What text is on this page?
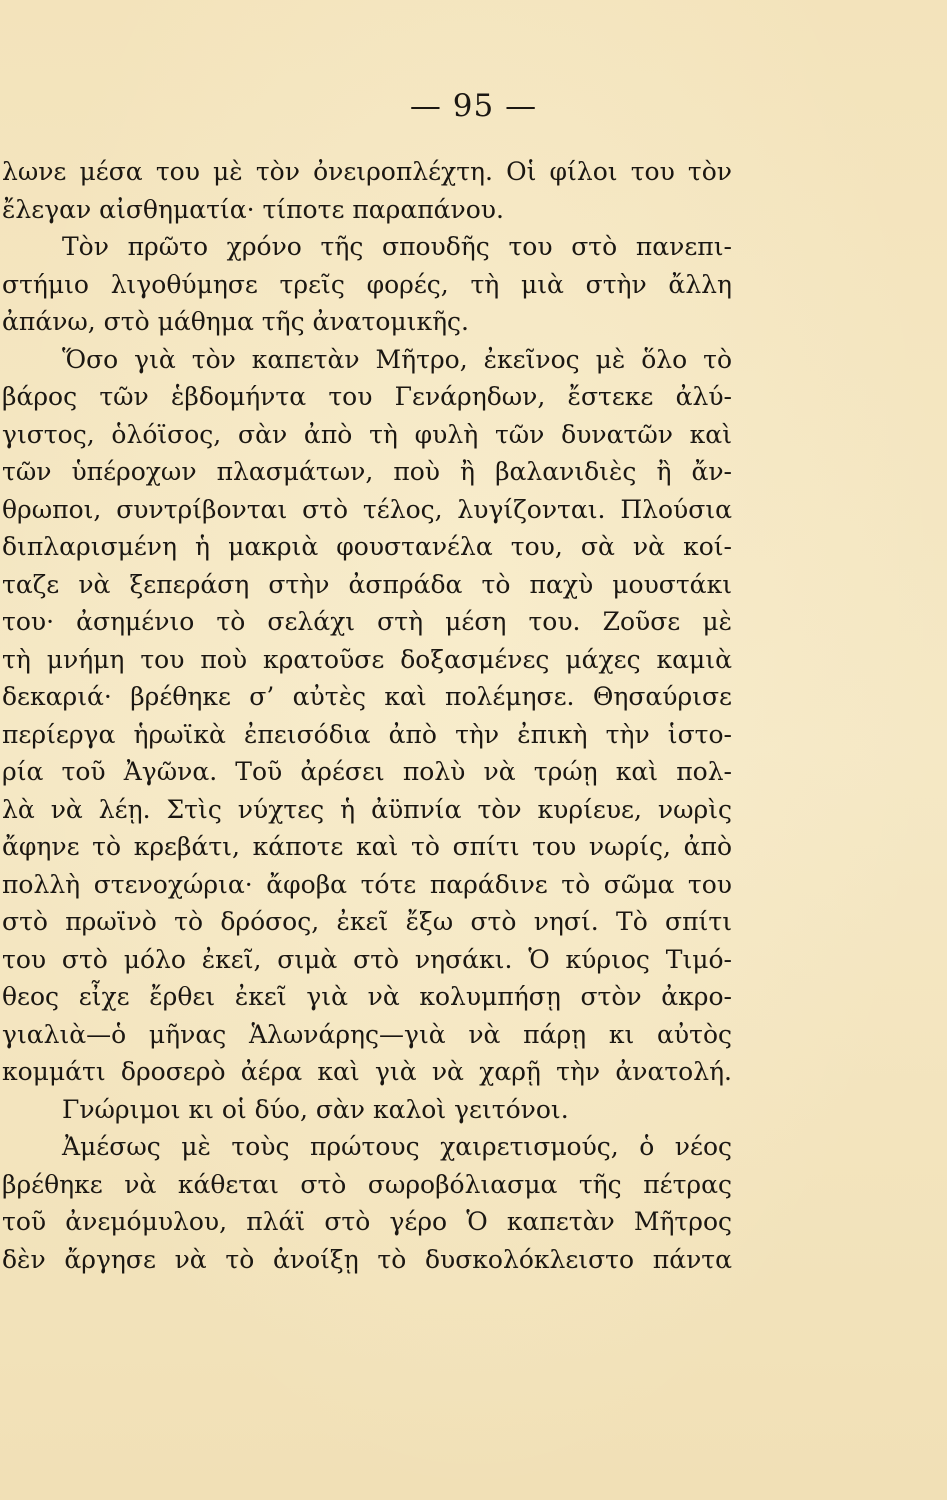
— 95 —
λωνε μέσα του μὲ τὸν ὀνειροπλέχτη. Οἱ φίλοι του τὸν
ἔλεγαν αἰσθηματία· τίποτε παραπάνου.
Τὸν πρῶτο χρόνο τῆς σπουδῆς του στὸ πανεπι-
στήμιο λιγοθύμησε τρεῖς φορές, τὴ μιὰ στὴν ἄλλη
ἀπάνω, στὸ μάθημα τῆς ἀνατομικῆς.
Ὅσο γιὰ τὸν καπετὰν Μῆτρο, ἐκεῖνος μὲ ὅλο τὸ
βάρος τῶν ἑβδομήντα του Γενάρηδων, ἔστεκε ἀλύ-
γιστος, ὁλόϊσος, σὰν ἀπὸ τὴ φυλὴ τῶν δυνατῶν καὶ
τῶν ὑπέροχων πλασμάτων, ποὺ ἢ βαλανιδιὲς ἢ ἄν-
θρωποι, συντρίβονται στὸ τέλος, λυγίζονται. Πλούσια
διπλαρισμένη ἡ μακριὰ φουστανέλα του, σὰ νὰ κοί-
ταζε νὰ ξεπεράση στὴν ἀσπράδα τὸ παχὺ μουστάκι
του· ἀσημένιο τὸ σελάχι στὴ μέση του. Ζοῦσε μὲ
τὴ μνήμη του ποὺ κρατοῦσε δοξασμένες μάχες καμιὰ
δεκαριά· βρέθηκε σ’ αὐτὲς καὶ πολέμησε. Θησαύρισε
περίεργα ἡρωϊκὰ ἐπεισόδια ἀπὸ τὴν ἐπικὴ τὴν ἱστο-
ρία τοῦ Ἀγῶνα. Τοῦ ἀρέσει πολὺ νὰ τρώῃ καὶ πολ-
λὰ νὰ λέῃ. Στὶς νύχτες ἡ ἀϋπνία τὸν κυρίευε, νωρὶς
ἄφηνε τὸ κρεβάτι, κάποτε καὶ τὸ σπίτι του νωρίς, ἀπὸ
πολλὴ στενοχώρια· ἄφοβα τότε παράδινε τὸ σῶμα του
στὸ πρωϊνὸ τὸ δρόσος, ἐκεῖ ἔξω στὸ νησί. Τὸ σπίτι
του στὸ μόλο ἐκεῖ, σιμὰ στὸ νησάκι. Ὁ κύριος Τιμό-
θεος εἶχε ἔρθει ἐκεῖ γιὰ νὰ κολυμπήσῃ στὸν ἀκρο-
γιαλιὰ—ὁ μῆνας Ἁλωνάρης—γιὰ νὰ πάρῃ κι αὐτὸς
κομμάτι δροσερὸ ἀέρα καὶ γιὰ νὰ χαρῇ τὴν ἀνατολή.
Γνώριμοι κι οἱ δύο, σὰν καλοὶ γειτόνοι.
Ἀμέσως μὲ τοὺς πρώτους χαιρετισμούς, ὁ νέος
βρέθηκε νὰ κάθεται στὸ σωροβόλιασμα τῆς πέτρας
τοῦ ἀνεμόμυλου, πλάϊ στὸ γέρο Ὁ καπετὰν Μῆτρος
δὲν ἄργησε νὰ τὸ ἀνοίξῃ τὸ δυσκολόκλειστο πάντα
